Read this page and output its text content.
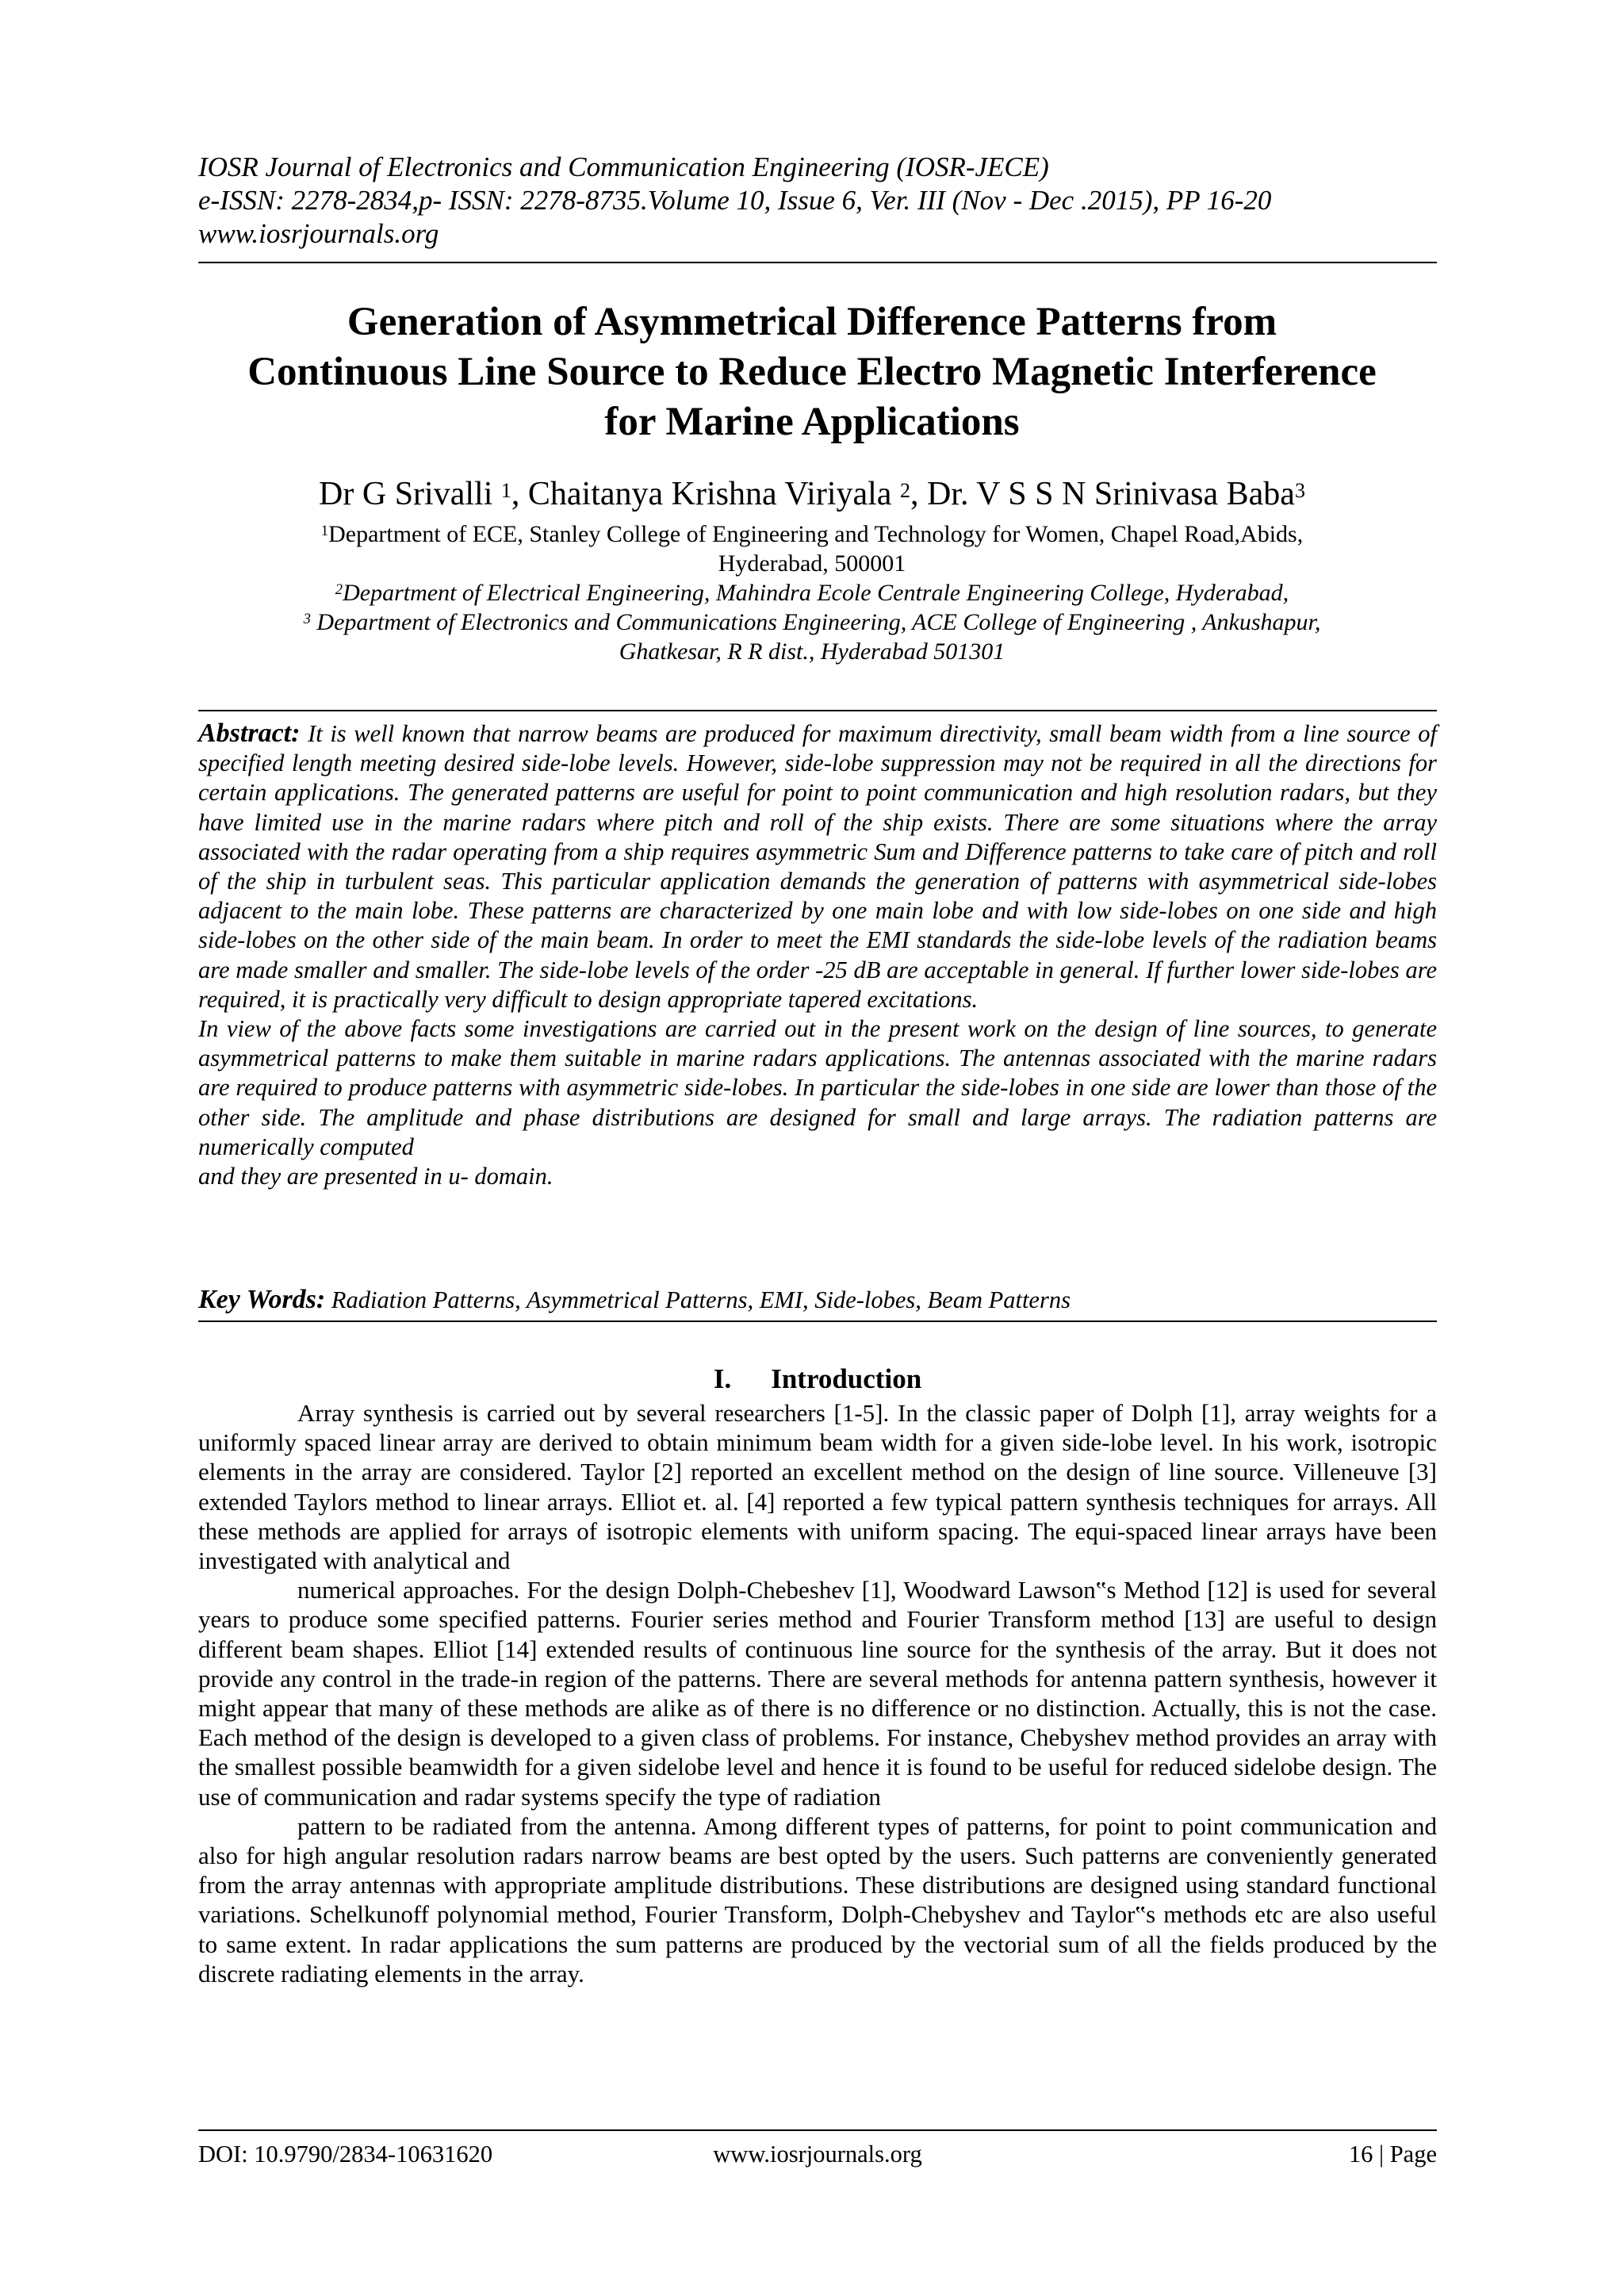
IOSR Journal of Electronics and Communication Engineering (IOSR-JECE)
e-ISSN: 2278-2834,p- ISSN: 2278-8735.Volume 10, Issue 6, Ver. III (Nov - Dec .2015), PP 16-20
www.iosrjournals.org
Generation of Asymmetrical Difference Patterns from
Continuous Line Source to Reduce Electro Magnetic Interference
for Marine Applications
Dr G Srivalli $^1$, Chaitanya Krishna Viriyala $^2$, Dr. V S S N Srinivasa Baba$^3$
$^1$Department of ECE, Stanley College of Engineering and Technology for Women, Chapel Road,Abids,
Hyderabad, 500001
$^2$Department of Electrical Engineering, Mahindra Ecole Centrale Engineering College, Hyderabad,
$^3$ Department of Electronics and Communications Engineering, ACE College of Engineering , Ankushapur,
Ghatkesar, R R dist., Hyderabad 501301

Abstract: It is well known that narrow beams are produced for maximum directivity, small beam width from a line source of specified length meeting desired side-lobe levels. However, side-lobe suppression may not be required in all the directions for certain applications. The generated patterns are useful for point to point communication and high resolution radars, but they have limited use in the marine radars where pitch and roll of the ship exists. There are some situations where the array associated with the radar operating from a ship requires asymmetric Sum and Difference patterns to take care of pitch and roll of the ship in turbulent seas. This particular application demands the generation of patterns with asymmetrical side-lobes adjacent to the main lobe. These patterns are characterized by one main lobe and with low side-lobes on one side and high side-lobes on the other side of the main beam. In order to meet the EMI standards the side-lobe levels of the radiation beams are made smaller and smaller. The side-lobe levels of the order -25 dB are acceptable in general. If further lower side-lobes are required, it is practically very difficult to design appropriate tapered excitations.

In view of the above facts some investigations are carried out in the present work on the design of line sources, to generate asymmetrical patterns to make them suitable in marine radars applications. The antennas associated with the marine radars are required to produce patterns with asymmetric side-lobes. In particular the side-lobes in one side are lower than those of the other side. The amplitude and phase distributions are designed for small and large arrays. The radiation patterns are numerically computed

and they are presented in u- domain.

Key Words: Radiation Patterns, Asymmetrical Patterns, EMI, Side-lobes, Beam Patterns
I. Introduction

Array synthesis is carried out by several researchers [1-5]. In the classic paper of Dolph [1], array weights for a uniformly spaced linear array are derived to obtain minimum beam width for a given side-lobe level. In his work, isotropic elements in the array are considered. Taylor [2] reported an excellent method on the design of line source. Villeneuve [3] extended Taylors method to linear arrays. Elliot et. al. [4] reported a few typical pattern synthesis techniques for arrays. All these methods are applied for arrays of isotropic elements with uniform spacing. The equi-spaced linear arrays have been investigated with analytical and

numerical approaches. For the design Dolph-Chebeshev [1], Woodward Lawson‟s Method [12] is used for several years to produce some specified patterns. Fourier series method and Fourier Transform method [13] are useful to design different beam shapes. Elliot [14] extended results of continuous line source for the synthesis of the array. But it does not provide any control in the trade-in region of the patterns. There are several methods for antenna pattern synthesis, however it might appear that many of these methods are alike as of there is no difference or no distinction. Actually, this is not the case. Each method of the design is developed to a given class of problems. For instance, Chebyshev method provides an array with the smallest possible beamwidth for a given sidelobe level and hence it is found to be useful for reduced sidelobe design. The use of communication and radar systems specify the type of radiation

pattern to be radiated from the antenna. Among different types of patterns, for point to point communication and also for high angular resolution radars narrow beams are best opted by the users. Such patterns are conveniently generated from the array antennas with appropriate amplitude distributions. These distributions are designed using standard functional variations. Schelkunoff polynomial method, Fourier Transform, Dolph-Chebyshev and Taylor‟s methods etc are also useful to same extent. In radar applications the sum patterns are produced by the vectorial sum of all the fields produced by the discrete radiating elements in the array.

DOI: 10.9790/2834-10631620	www.iosrjournals.org	16 | Page
